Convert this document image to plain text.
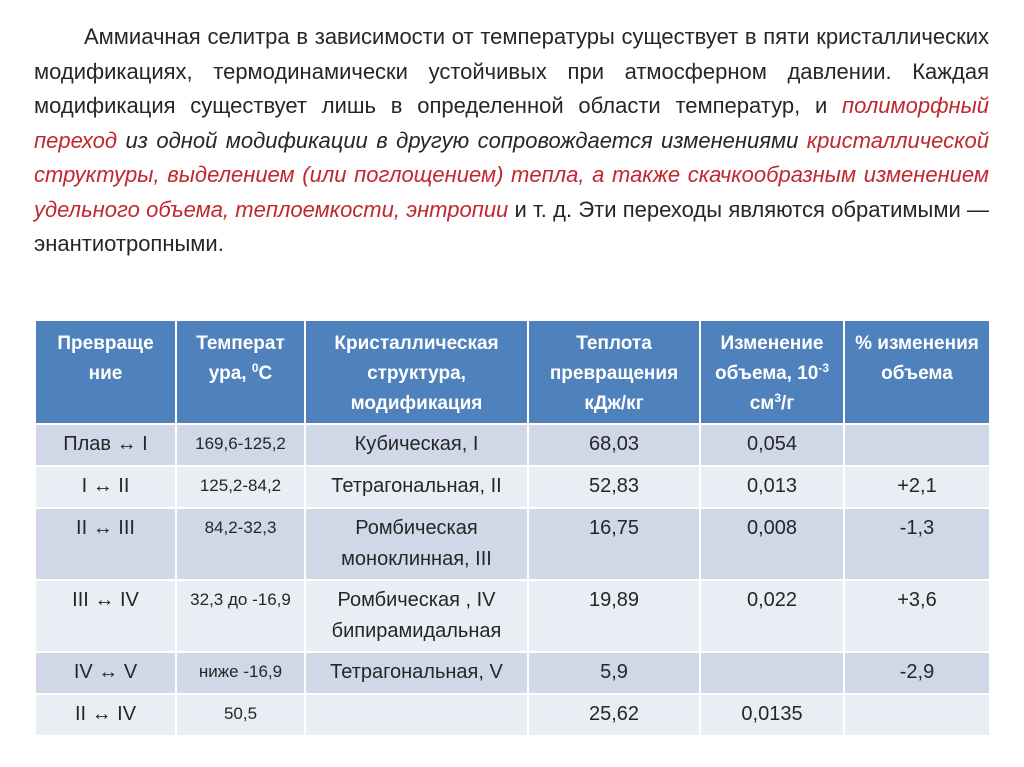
Аммиачная селитра в зависимости от температуры существует в пяти кристаллических модификациях, термодинамически устойчивых при атмосферном давлении. Каждая модификация существует лишь в определенной области температур, и полиморфный переход из одной модификации в другую сопровождается изменениями кристаллической структуры, выделением (или поглощением) тепла, а также скачкообразным изменением удельного объема, теплоемкости, энтропии и т. д. Эти переходы являются обратимыми — энантиотропными.

Превраще ние	Температ ура, $^0$C	Кристаллическая структура, модификация	Теплота превращения кДж/кг	Изменение объема, $10^{-3}$ $см^3/г$	% изменения объема
Плав ↔ I	169,6-125,2	Кубическая, I	68,03	0,054	
I ↔ II	125,2-84,2	Тетрагональная, II	52,83	0,013	+2,1
II ↔ III	84,2-32,3	Ромбическая моноклинная, III	16,75	0,008	-1,3
III ↔ IV	32,3 до -16,9	Ромбическая , IV бипирамидальная	19,89	0,022	+3,6
IV ↔ V	ниже -16,9	Тетрагональная, V	5,9		-2,9
II ↔ IV	50,5		25,62	0,0135	
